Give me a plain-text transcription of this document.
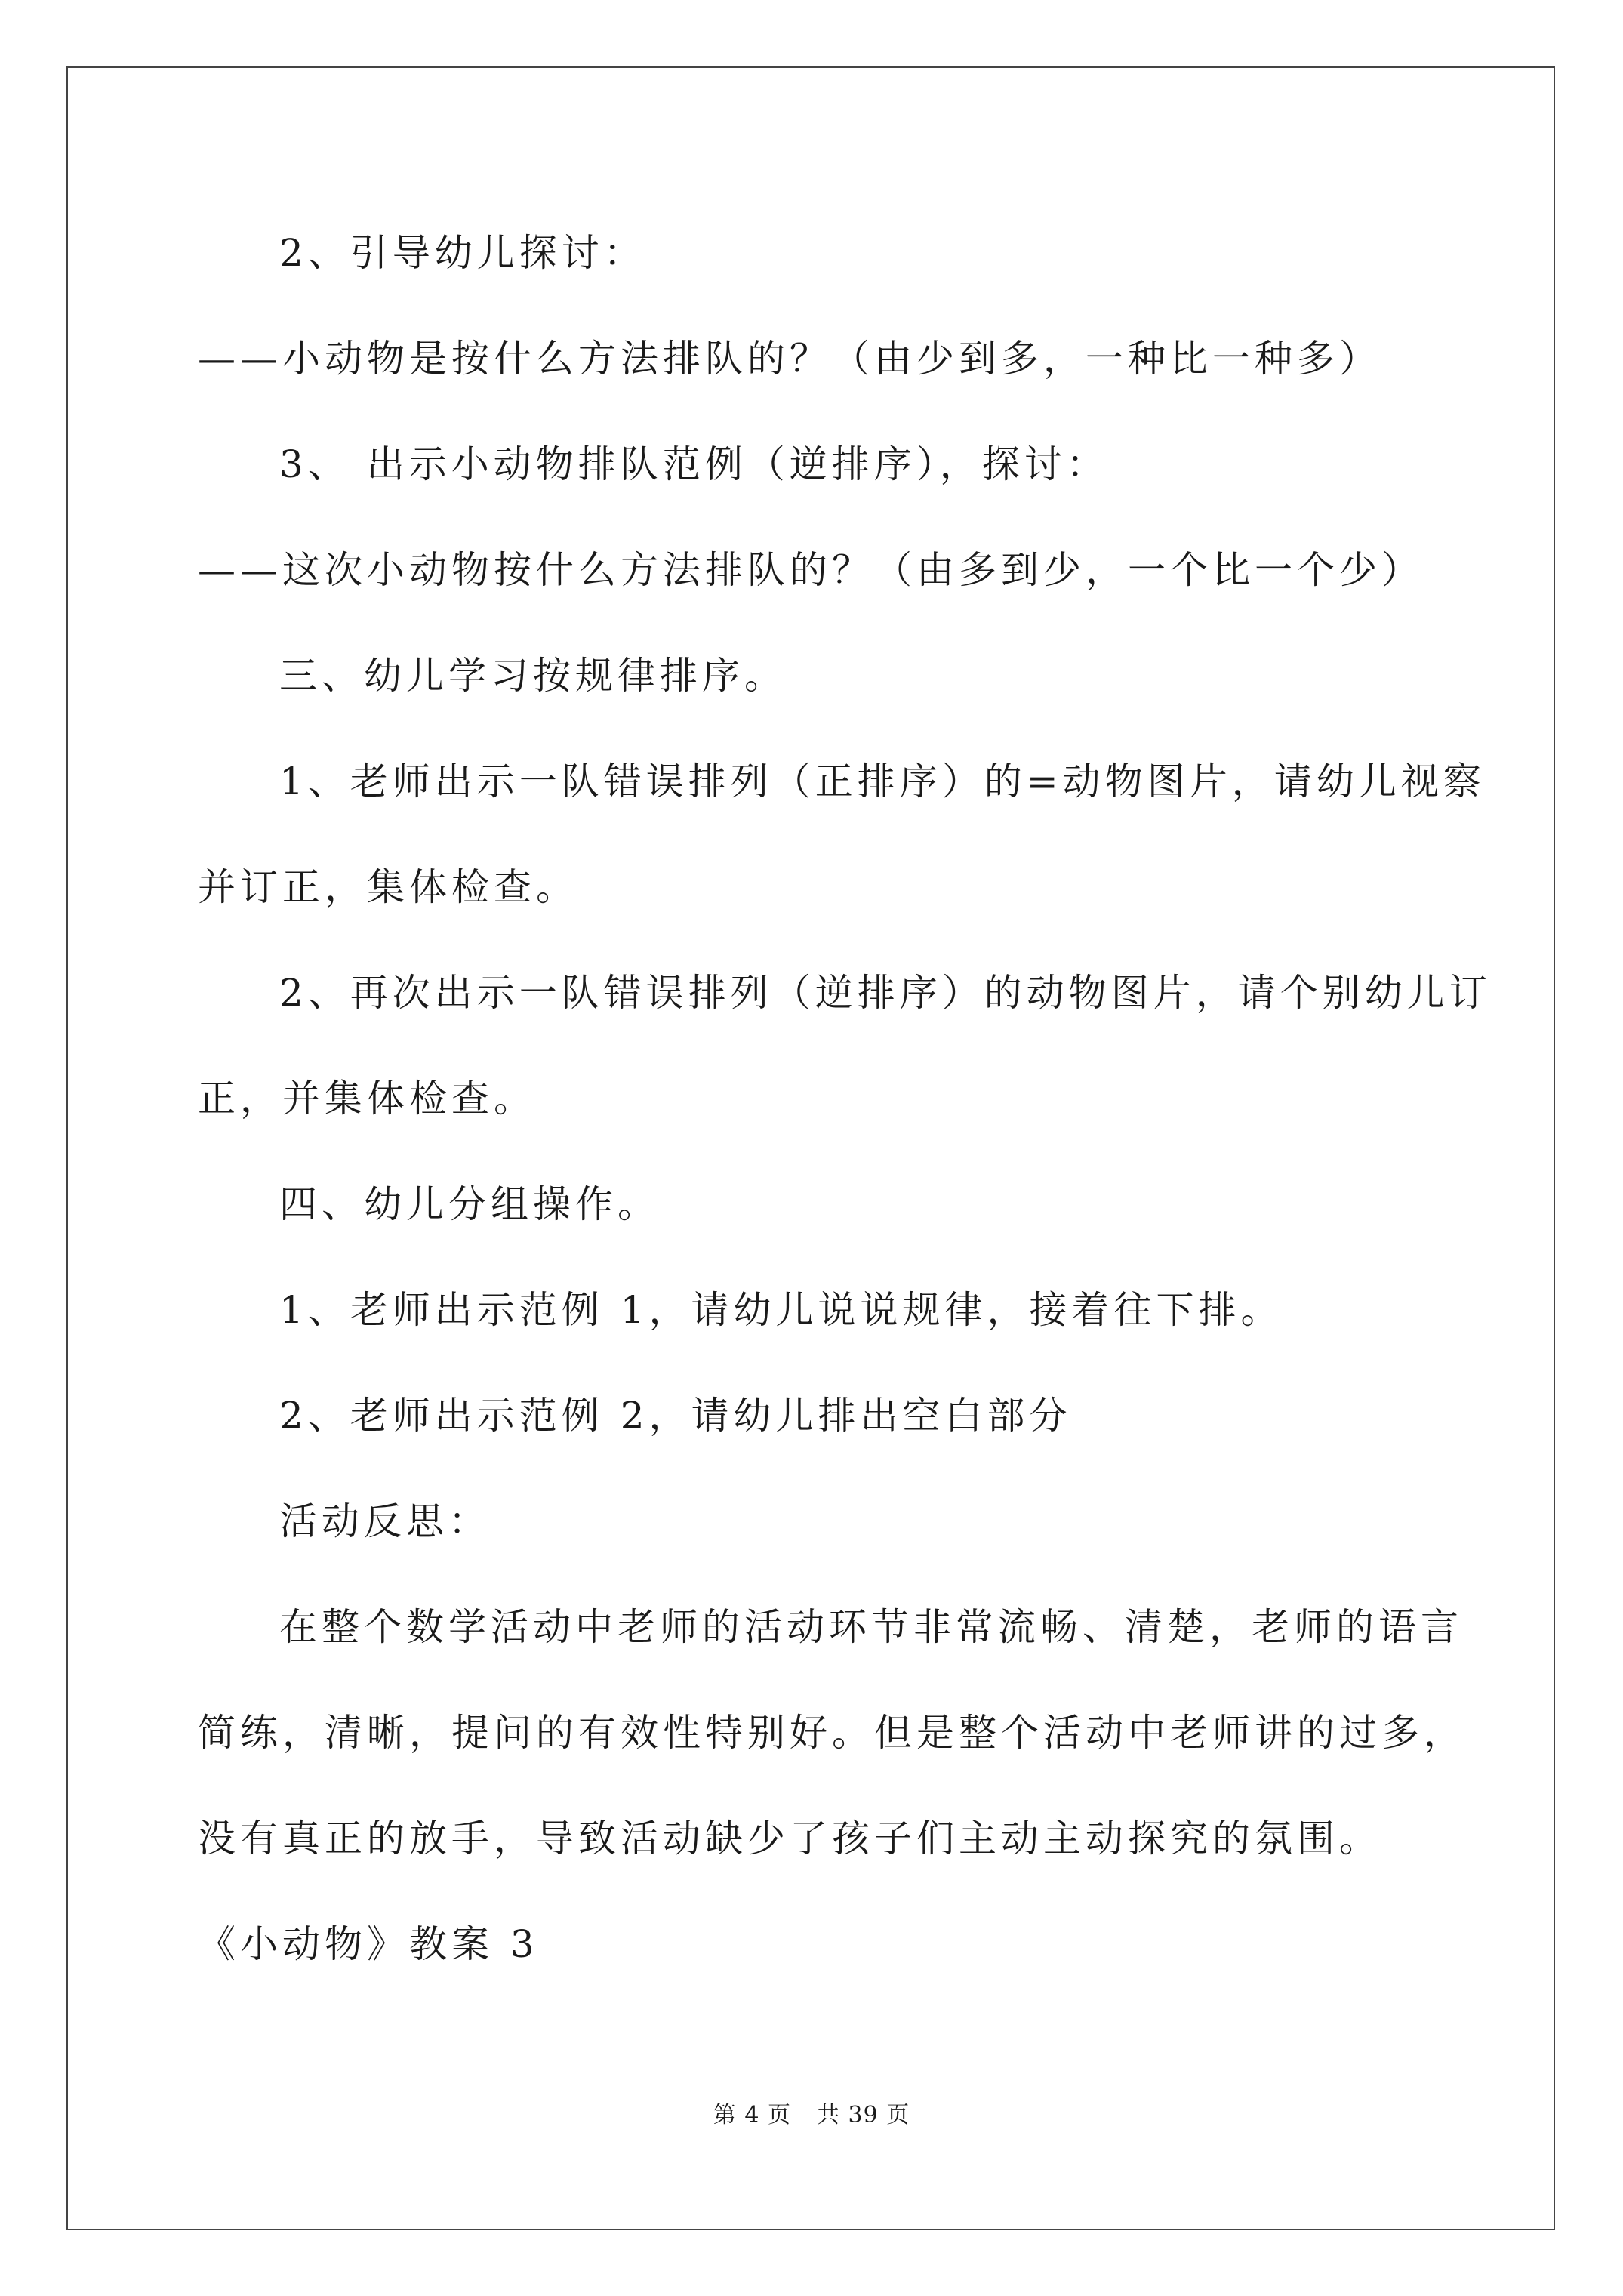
2、引导幼儿探讨：
——小动物是按什么方法排队的？（由少到多，一种比一种多）
3、 出示小动物排队范例（逆排序），探讨：
——这次小动物按什么方法排队的？（由多到少，一个比一个少）
三、幼儿学习按规律排序。
1、老师出示一队错误排列（正排序）的=动物图片，请幼儿视察
并订正，集体检查。
2、再次出示一队错误排列（逆排序）的动物图片，请个别幼儿订
正，并集体检查。
四、幼儿分组操作。
1、老师出示范例 1，请幼儿说说规律，接着往下排。
2、老师出示范例 2，请幼儿排出空白部分
活动反思：
在整个数学活动中老师的活动环节非常流畅、清楚，老师的语言
简练，清晰，提问的有效性特别好。但是整个活动中老师讲的过多，
没有真正的放手，导致活动缺少了孩子们主动主动探究的氛围。
《小动物》教案 3
第 4 页 共 39 页
